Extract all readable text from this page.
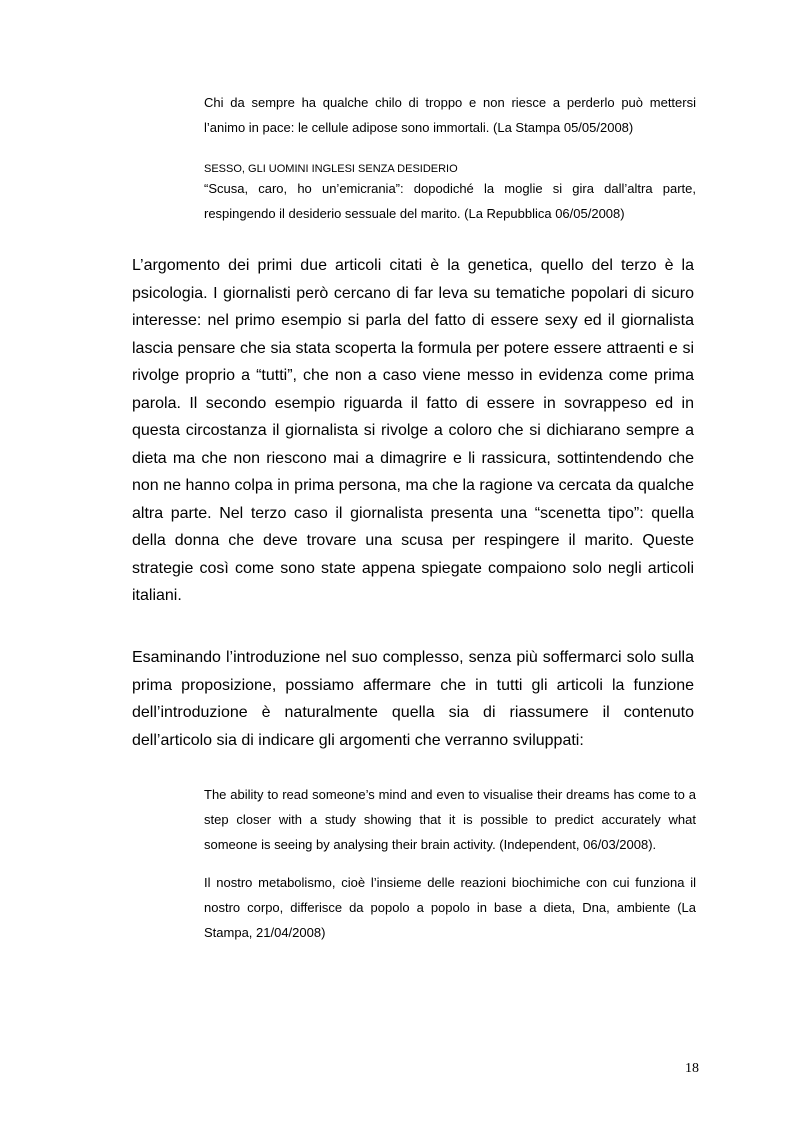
Chi da sempre ha qualche chilo di troppo e non riesce a perderlo può mettersi l’animo in pace: le cellule adipose sono immortali. (La Stampa 05/05/2008)

SESSO, GLI UOMINI INGLESI SENZA DESIDERIO

“Scusa, caro, ho un’emicrania”: dopodiché la moglie si gira dall’altra parte, respingendo il desiderio sessuale del marito. (La Repubblica 06/05/2008)

L’argomento dei primi due articoli citati è la genetica, quello del terzo è la psicologia. I giornalisti però cercano di far leva su tematiche popolari di sicuro interesse: nel primo esempio si parla del fatto di essere sexy ed il giornalista lascia pensare che sia stata scoperta la formula per potere essere attraenti e si rivolge proprio a “tutti”, che non a caso viene messo in evidenza come prima parola. Il secondo esempio riguarda il fatto di essere in sovrappeso ed in questa circostanza il giornalista si rivolge a coloro che si dichiarano sempre a dieta ma che non riescono mai a dimagrire e li rassicura, sottintendendo che non ne hanno colpa in prima persona, ma che la ragione va cercata da qualche altra parte. Nel terzo caso il giornalista presenta una “scenetta tipo”: quella della donna che deve trovare una scusa per respingere il marito. Queste strategie così come sono state appena spiegate compaiono solo negli articoli italiani.

Esaminando l’introduzione nel suo complesso, senza più soffermarci solo sulla prima proposizione, possiamo affermare che in tutti gli articoli la funzione dell’introduzione è naturalmente quella sia di riassumere il contenuto dell’articolo sia di indicare gli argomenti che verranno sviluppati:

The ability to read someone’s mind and even to visualise their dreams has come to a step closer with a study showing that it is possible to predict accurately what someone is seeing by analysing their brain activity. (Independent, 06/03/2008).

Il nostro metabolismo, cioè l’insieme delle reazioni biochimiche con cui funziona il nostro corpo, differisce da popolo a popolo in base a dieta, Dna, ambiente (La Stampa, 21/04/2008)

18
